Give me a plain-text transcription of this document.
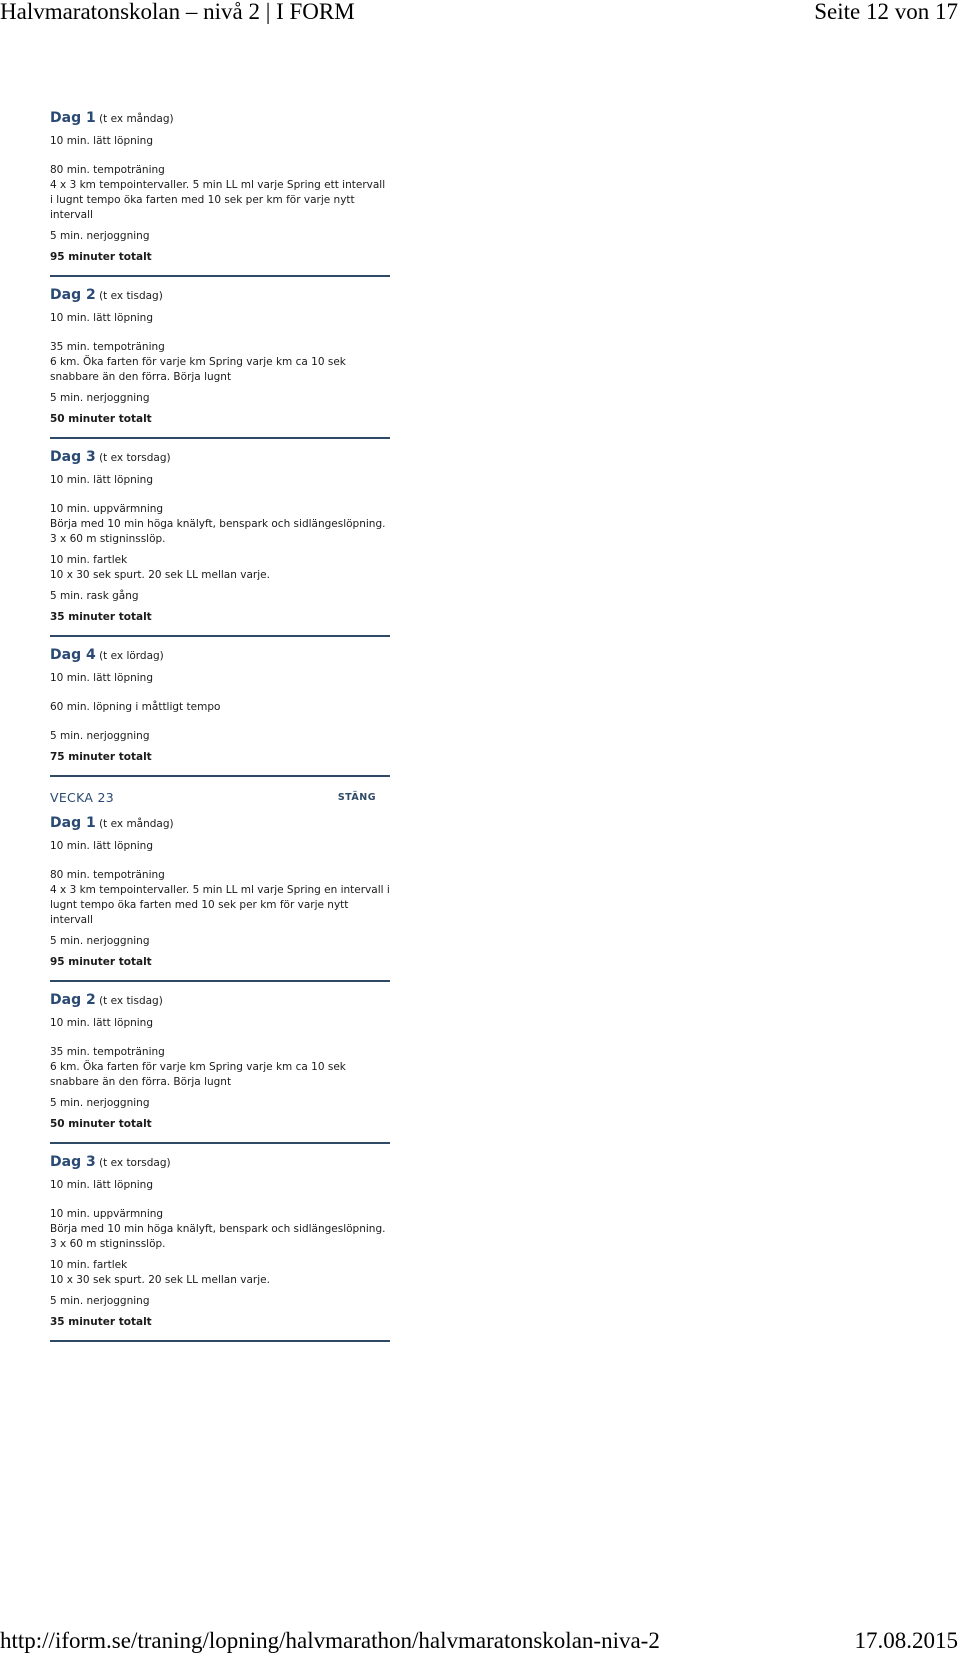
Halvmaratonskolan – nivå 2 | I FORM	Seite 12 von 17
Dag 1 (t ex måndag)

10 min. lätt löpning

80 min. tempoträning

4 x 3 km tempointervaller. 5 min LL ml varje Spring ett intervall i lugnt tempo öka farten med 10 sek per km för varje nytt intervall

5 min. nerjoggning

95 minuter totalt

Dag 2 (t ex tisdag)

10 min. lätt löpning

35 min. tempoträning

6 km. Öka farten för varje km Spring varje km ca 10 sek snabbare än den förra. Börja lugnt

5 min. nerjoggning

50 minuter totalt

Dag 3 (t ex torsdag)

10 min. lätt löpning

10 min. uppvärmning

Börja med 10 min höga knälyft, benspark och sidlängeslöpning.

3 x 60 m stigninsslöp.

10 min. fartlek

10 x 30 sek spurt. 20 sek LL mellan varje.

5 min. rask gång

35 minuter totalt

Dag 4 (t ex lördag)

10 min. lätt löpning

60 min. löpning i måttligt tempo

5 min. nerjoggning

75 minuter totalt

VECKA 23	STÄNG
Dag 1 (t ex måndag)

10 min. lätt löpning

80 min. tempoträning

4 x 3 km tempointervaller. 5 min LL ml varje Spring en intervall i lugnt tempo öka farten med 10 sek per km för varje nytt intervall

5 min. nerjoggning

95 minuter totalt

Dag 2 (t ex tisdag)

10 min. lätt löpning

35 min. tempoträning

6 km. Öka farten för varje km Spring varje km ca 10 sek snabbare än den förra. Börja lugnt

5 min. nerjoggning

50 minuter totalt

Dag 3 (t ex torsdag)

10 min. lätt löpning

10 min. uppvärmning

Börja med 10 min höga knälyft, benspark och sidlängeslöpning.

3 x 60 m stigninsslöp.

10 min. fartlek

10 x 30 sek spurt. 20 sek LL mellan varje.

5 min. nerjoggning

35 minuter totalt

http://iform.se/traning/lopning/halvmarathon/halvmaratonskolan-niva-2	17.08.2015
